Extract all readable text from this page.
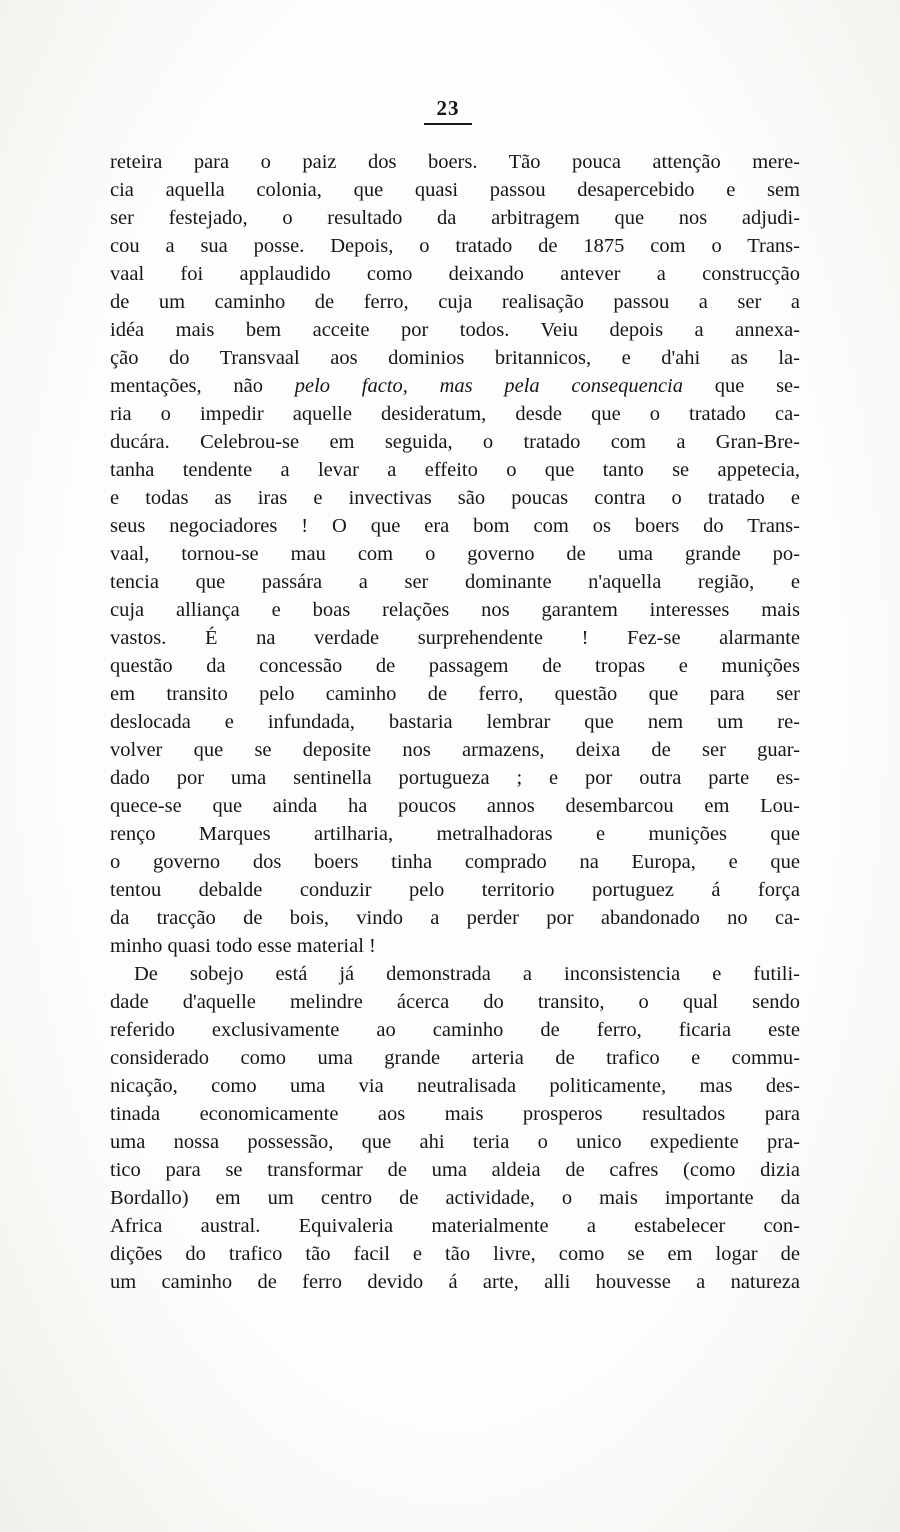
23
reteira para o paiz dos boers. Tão pouca attenção mere-
cia aquella colonia, que quasi passou desapercebido e sem
ser festejado, o resultado da arbitragem que nos adjudi-
cou a sua posse. Depois, o tratado de 1875 com o Trans-
vaal foi applaudido como deixando antever a construcção
de um caminho de ferro, cuja realisação passou a ser a
idéa mais bem acceite por todos. Veiu depois a annexa-
ção do Transvaal aos dominios britannicos, e d'ahi as la-
mentações, não pelo facto, mas pela consequencia que se-
ria o impedir aquelle desideratum, desde que o tratado ca-
ducára. Celebrou-se em seguida, o tratado com a Gran-Bre-
tanha tendente a levar a effeito o que tanto se appetecia,
e todas as iras e invectivas são poucas contra o tratado e
seus negociadores ! O que era bom com os boers do Trans-
vaal, tornou-se mau com o governo de uma grande po-
tencia que passára a ser dominante n'aquella região, e
cuja alliança e boas relações nos garantem interesses mais
vastos. É na verdade surprehendente ! Fez-se alarmante
questão da concessão de passagem de tropas e munições
em transito pelo caminho de ferro, questão que para ser
deslocada e infundada, bastaria lembrar que nem um re-
volver que se deposite nos armazens, deixa de ser guar-
dado por uma sentinella portugueza ; e por outra parte es-
quece-se que ainda ha poucos annos desembarcou em Lou-
renço Marques artilharia, metralhadoras e munições que
o governo dos boers tinha comprado na Europa, e que
tentou debalde conduzir pelo territorio portuguez á força
da tracção de bois, vindo a perder por abandonado no ca-
minho quasi todo esse material !
De sobejo está já demonstrada a inconsistencia e futili-
dade d'aquelle melindre ácerca do transito, o qual sendo
referido exclusivamente ao caminho de ferro, ficaria este
considerado como uma grande arteria de trafico e commu-
nicação, como uma via neutralisada politicamente, mas des-
tinada economicamente aos mais prosperos resultados para
uma nossa possessão, que ahi teria o unico expediente pra-
tico para se transformar de uma aldeia de cafres (como dizia
Bordallo) em um centro de actividade, o mais importante da
Africa austral. Equivaleria materialmente a estabelecer con-
dições do trafico tão facil e tão livre, como se em logar de
um caminho de ferro devido á arte, alli houvesse a natureza
